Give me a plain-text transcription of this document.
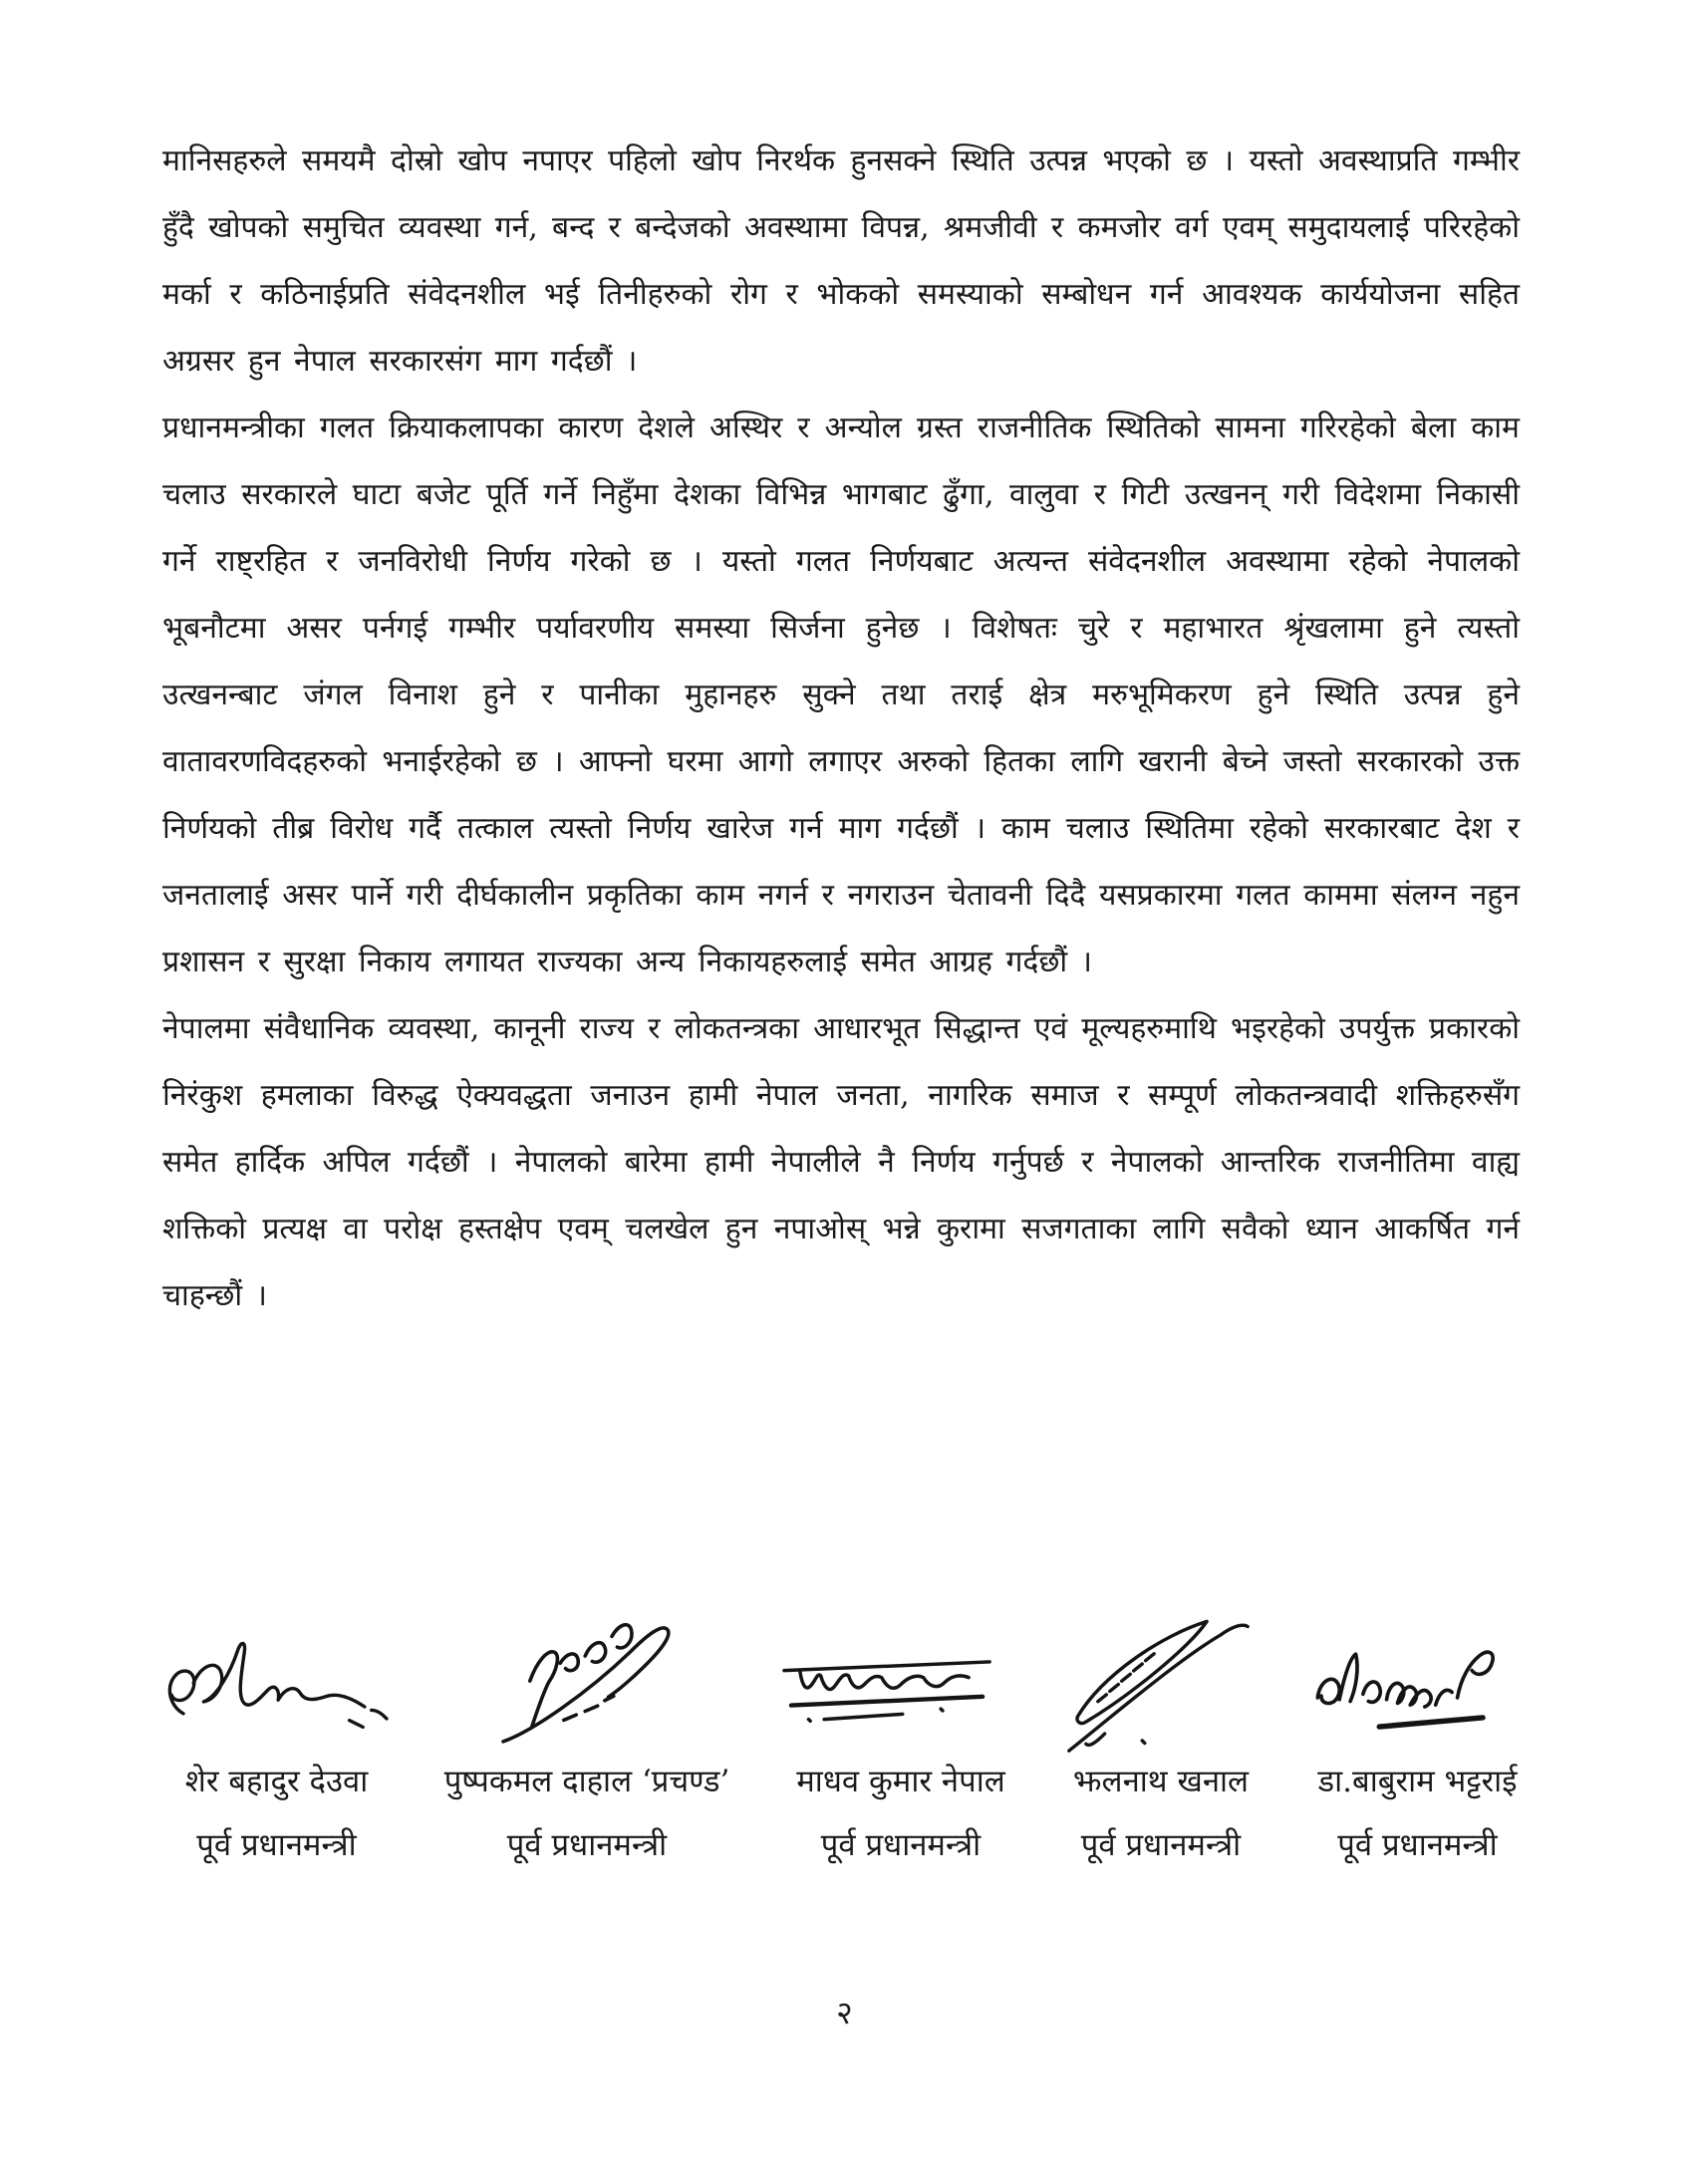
मानिसहरुले समयमै दोस्रो खोप नपाएर पहिलो खोप निरर्थक हुनसक्ने स्थिति उत्पन्न भएको छ । यस्तो अवस्थाप्रति गम्भीर हुँदै खोपको समुचित व्यवस्था गर्न, बन्द र बन्देजको अवस्थामा विपन्न, श्रमजीवी र कमजोर वर्ग एवम् समुदायलाई परिरहेको मर्का र कठिनाईप्रति संवेदनशील भई तिनीहरुको रोग र भोकको समस्याको सम्बोधन गर्न आवश्यक कार्ययोजना सहित अग्रसर हुन नेपाल सरकारसंग माग गर्दछौं ।

प्रधानमन्त्रीका गलत क्रियाकलापका कारण देशले अस्थिर र अन्योल ग्रस्त राजनीतिक स्थितिको सामना गरिरहेको बेला काम चलाउ सरकारले घाटा बजेट पूर्ति गर्ने निहुँमा देशका विभिन्न भागबाट ढुँगा, वालुवा र गिटी उत्खनन् गरी विदेशमा निकासी गर्ने राष्ट्रहित र जनविरोधी निर्णय गरेको छ । यस्तो गलत निर्णयबाट अत्यन्त संवेदनशील अवस्थामा रहेको नेपालको भूबनौटमा असर पर्नगई गम्भीर पर्यावरणीय समस्या सिर्जना हुनेछ । विशेषतः चुरे र महाभारत श्रृंखलामा हुने त्यस्तो उत्खनन्बाट जंगल विनाश हुने र पानीका मुहानहरु सुक्ने तथा तराई क्षेत्र मरुभूमिकरण हुने स्थिति उत्पन्न हुने वातावरणविदहरुको भनाईरहेको छ । आफ्नो घरमा आगो लगाएर अरुको हितका लागि खरानी बेच्ने जस्तो सरकारको उक्त निर्णयको तीब्र विरोध गर्दै तत्काल त्यस्तो निर्णय खारेज गर्न माग गर्दछौं । काम चलाउ स्थितिमा रहेको सरकारबाट देश र जनतालाई असर पार्ने गरी दीर्घकालीन प्रकृतिका काम नगर्न र नगराउन चेतावनी दिदै यसप्रकारमा गलत काममा संलग्न नहुन प्रशासन र सुरक्षा निकाय लगायत राज्यका अन्य निकायहरुलाई समेत आग्रह गर्दछौं ।

नेपालमा संवैधानिक व्यवस्था, कानूनी राज्य र लोकतन्त्रका आधारभूत सिद्धान्त एवं मूल्यहरुमाथि भइरहेको उपर्युक्त प्रकारको निरंकुश हमलाका विरुद्ध ऐक्यवद्धता जनाउन हामी नेपाल जनता, नागरिक समाज र सम्पूर्ण लोकतन्त्रवादी शक्तिहरुसँग समेत हार्दिक अपिल गर्दछौं । नेपालको बारेमा हामी नेपालीले नै निर्णय गर्नुपर्छ र नेपालको आन्तरिक राजनीतिमा वाह्य शक्तिको प्रत्यक्ष वा परोक्ष हस्तक्षेप एवम् चलखेल हुन नपाओस् भन्ने कुरामा सजगताका लागि सवैको ध्यान आकर्षित गर्न चाहन्छौं ।

शेर बहादुर देउवा
पूर्व प्रधानमन्त्री
पुष्पकमल दाहाल ‘प्रचण्ड’
पूर्व प्रधानमन्त्री
माधव कुमार नेपाल
पूर्व प्रधानमन्त्री
झलनाथ खनाल
पूर्व प्रधानमन्त्री
डा.बाबुराम भट्टराई
पूर्व प्रधानमन्त्री
२
